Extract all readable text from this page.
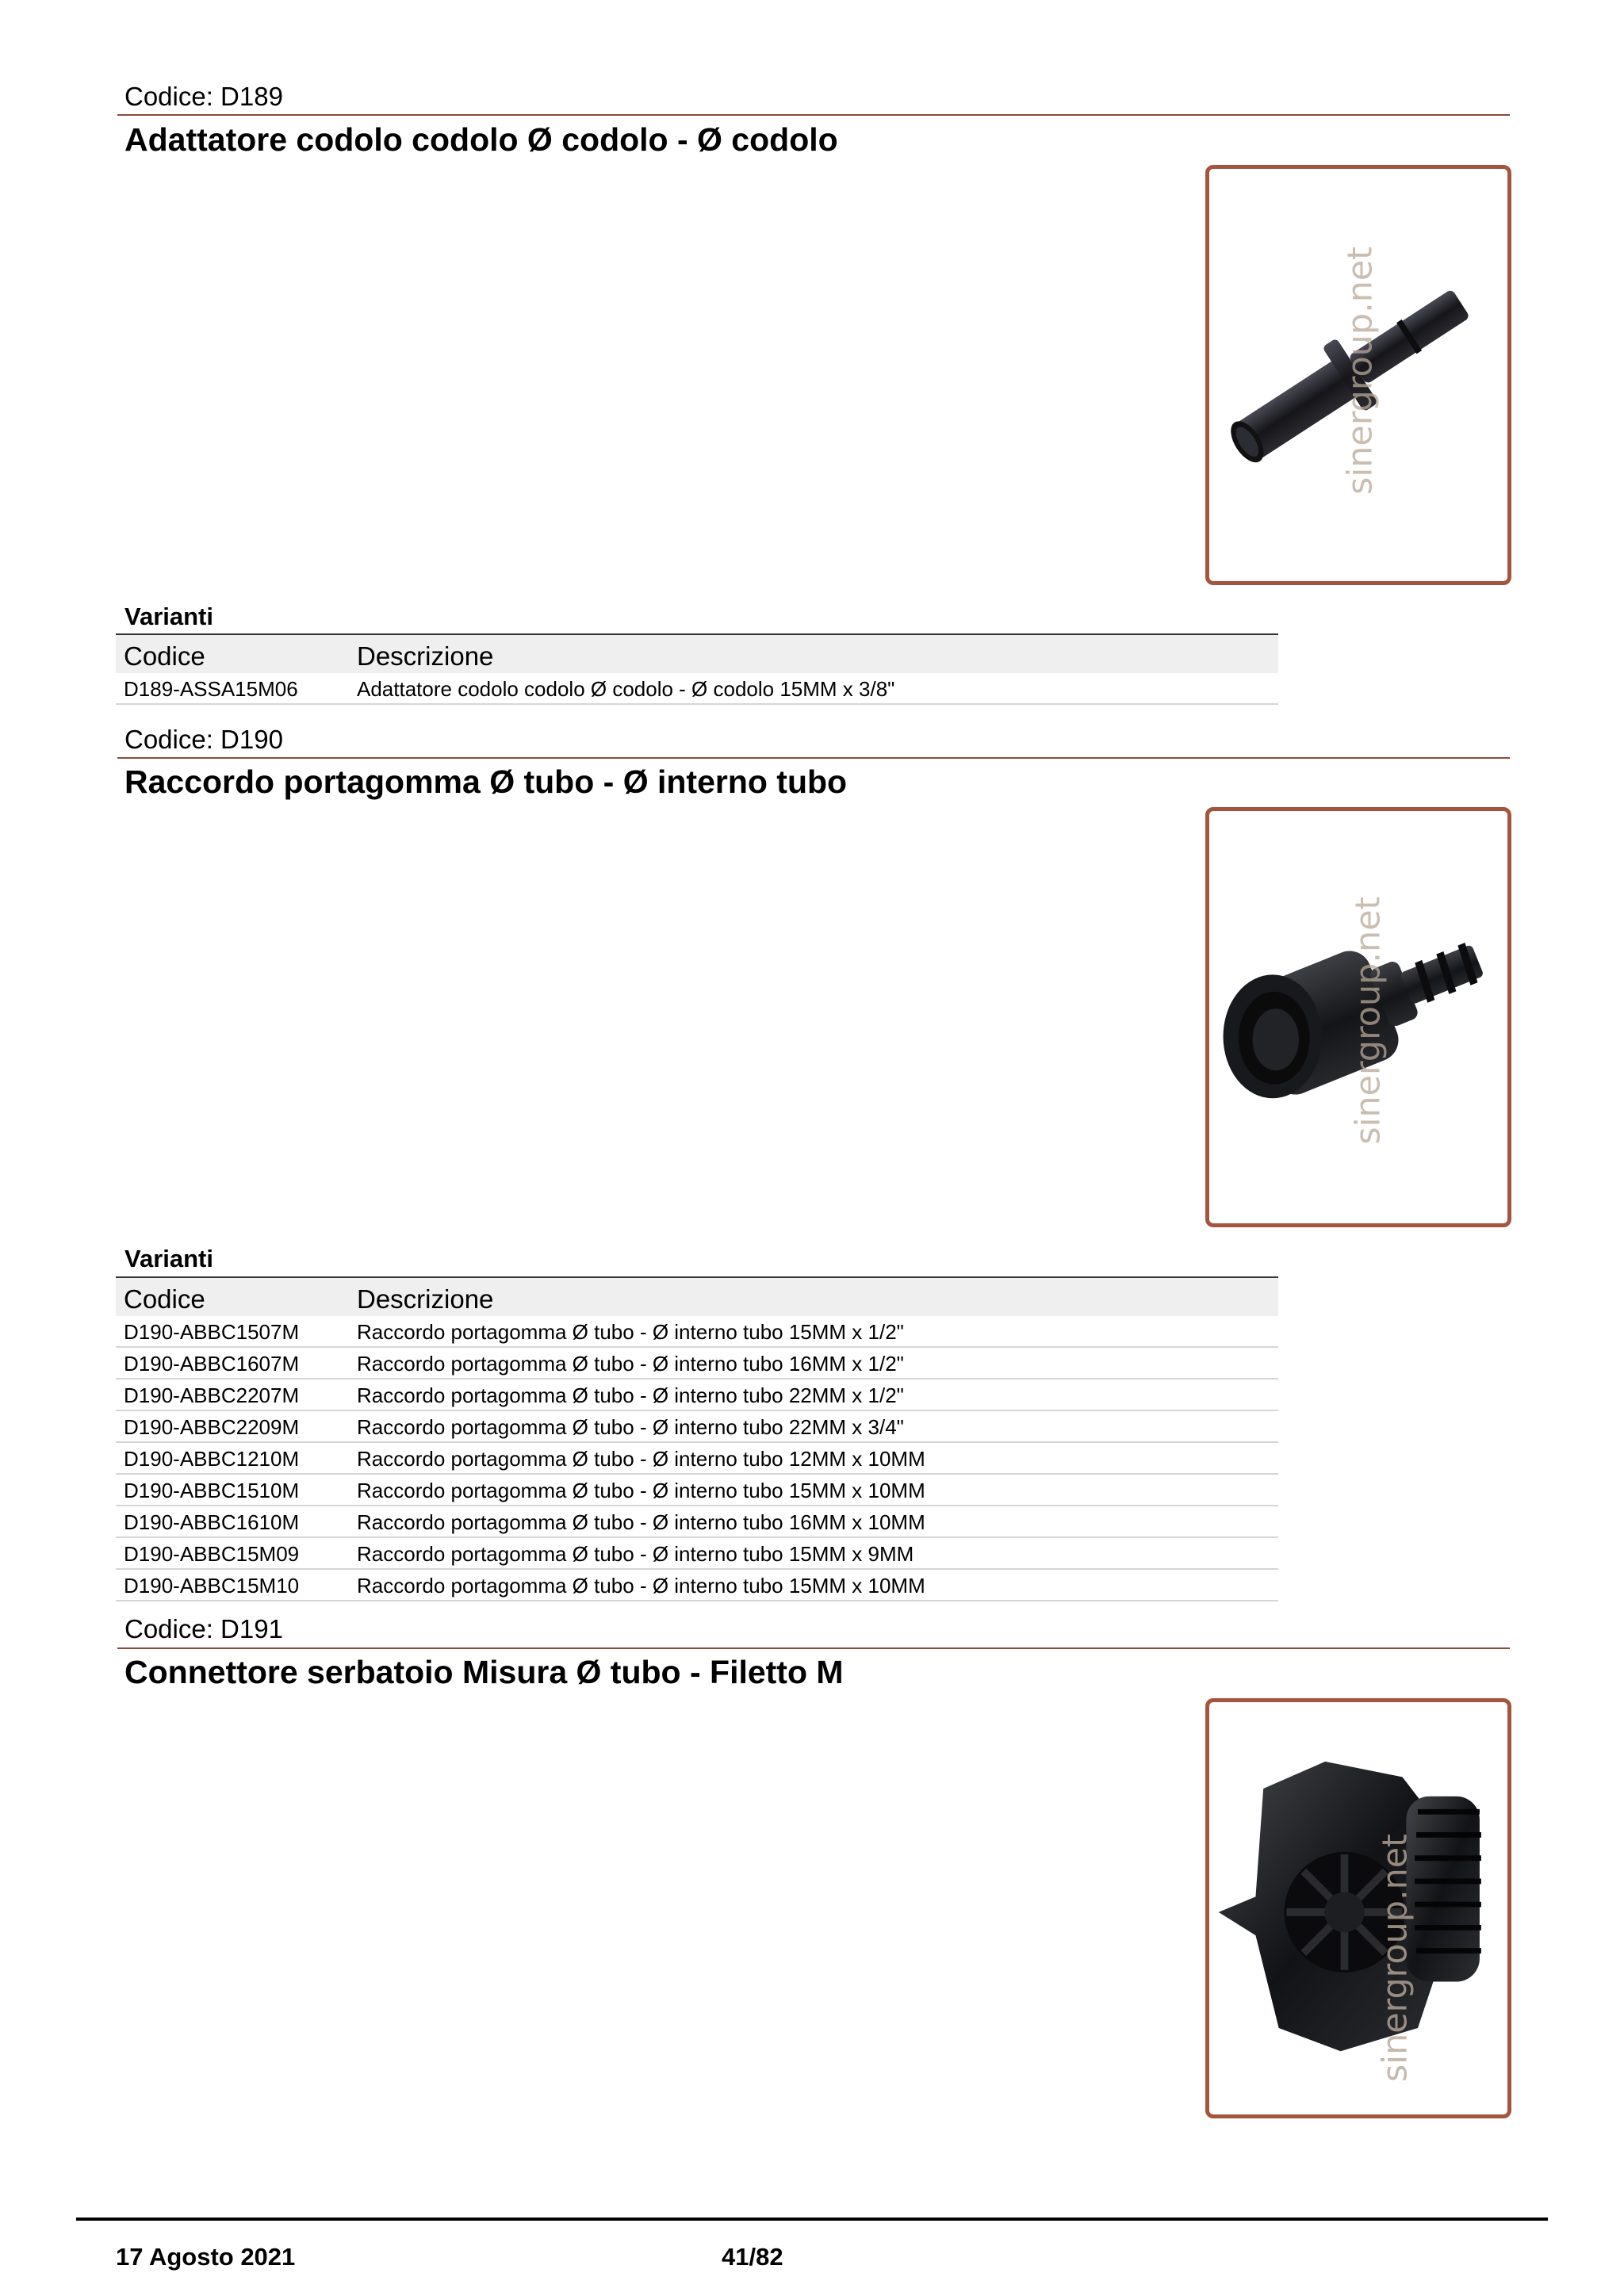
Codice: D189
Adattatore codolo codolo Ø codolo - Ø codolo
sinergroup.net
Varianti
Codice	Descrizione
D189-ASSA15M06	Adattatore codolo codolo Ø codolo - Ø codolo 15MM x 3/8"
Codice: D190
Raccordo portagomma Ø tubo - Ø interno tubo
sinergroup.net
Varianti
Codice	Descrizione
D190-ABBC1507M	Raccordo portagomma Ø tubo - Ø interno tubo 15MM x 1/2"
D190-ABBC1607M	Raccordo portagomma Ø tubo - Ø interno tubo 16MM x 1/2"
D190-ABBC2207M	Raccordo portagomma Ø tubo - Ø interno tubo 22MM x 1/2"
D190-ABBC2209M	Raccordo portagomma Ø tubo - Ø interno tubo 22MM x 3/4"
D190-ABBC1210M	Raccordo portagomma Ø tubo - Ø interno tubo 12MM x 10MM
D190-ABBC1510M	Raccordo portagomma Ø tubo - Ø interno tubo 15MM x 10MM
D190-ABBC1610M	Raccordo portagomma Ø tubo - Ø interno tubo 16MM x 10MM
D190-ABBC15M09	Raccordo portagomma Ø tubo - Ø interno tubo 15MM x 9MM
D190-ABBC15M10	Raccordo portagomma Ø tubo - Ø interno tubo 15MM x 10MM
Codice: D191
Connettore serbatoio Misura Ø tubo - Filetto M
sinergroup.net
17 Agosto 2021	41/82
